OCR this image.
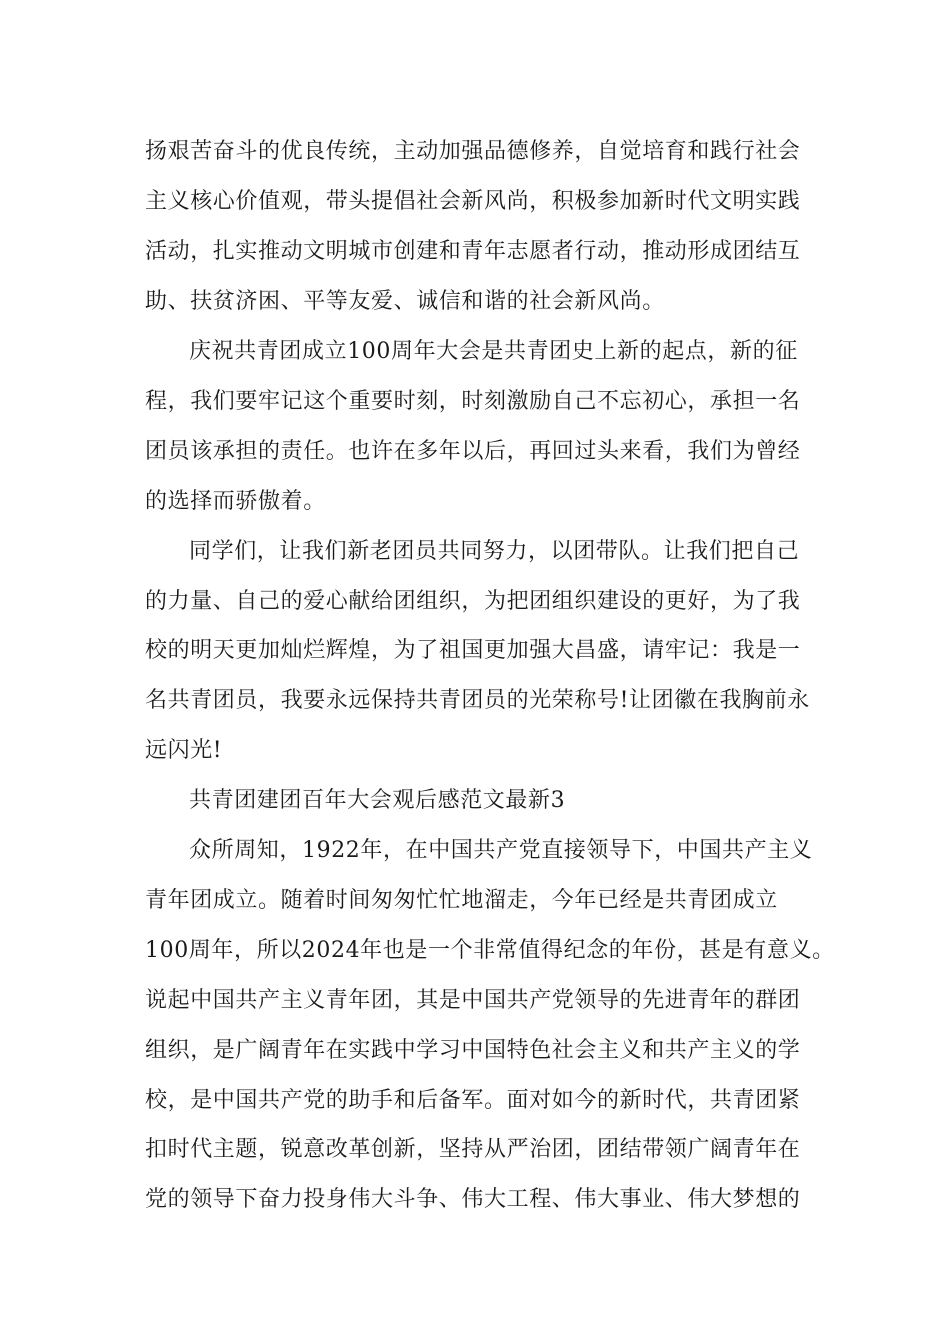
扬艰苦奋斗的优良传统，主动加强品德修养，自觉培育和践行社会
主义核心价值观，带头提倡社会新风尚，积极参加新时代文明实践
活动，扎实推动文明城市创建和青年志愿者行动，推动形成团结互
助、扶贫济困、平等友爱、诚信和谐的社会新风尚。
庆祝共青团成立100周年大会是共青团史上新的起点，新的征
程，我们要牢记这个重要时刻，时刻激励自己不忘初心，承担一名
团员该承担的责任。也许在多年以后，再回过头来看，我们为曾经
的选择而骄傲着。
同学们，让我们新老团员共同努力，以团带队。让我们把自己
的力量、自己的爱心献给团组织，为把团组织建设的更好，为了我
校的明天更加灿烂辉煌，为了祖国更加强大昌盛，请牢记：我是一
名共青团员，我要永远保持共青团员的光荣称号!让团徽在我胸前永
远闪光!
共青团建团百年大会观后感范文最新3
众所周知，1922年，在中国共产党直接领导下，中国共产主义
青年团成立。随着时间匆匆忙忙地溜走，今年已经是共青团成立
100周年，所以2024年也是一个非常值得纪念的年份，甚是有意义。
说起中国共产主义青年团，其是中国共产党领导的先进青年的群团
组织，是广阔青年在实践中学习中国特色社会主义和共产主义的学
校，是中国共产党的助手和后备军。面对如今的新时代，共青团紧
扣时代主题，锐意改革创新，坚持从严治团，团结带领广阔青年在
党的领导下奋力投身伟大斗争、伟大工程、伟大事业、伟大梦想的
